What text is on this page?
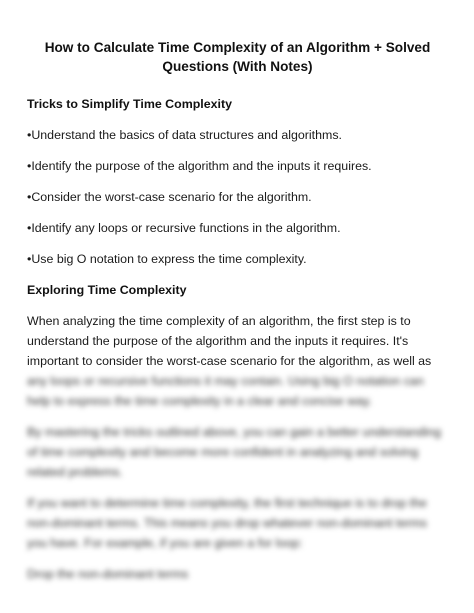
How to Calculate Time Complexity of an Algorithm + Solved Questions (With Notes)
Tricks to Simplify Time Complexity
•Understand the basics of data structures and algorithms.
•Identify the purpose of the algorithm and the inputs it requires.
•Consider the worst-case scenario for the algorithm.
•Identify any loops or recursive functions in the algorithm.
•Use big O notation to express the time complexity.
Exploring Time Complexity

When analyzing the time complexity of an algorithm, the first step is to
understand the purpose of the algorithm and the inputs it requires. It's
important to consider the worst-case scenario for the algorithm, as well as

any loops or recursive functions it may contain. Using big O notation can help to express the time complexity in a clear and concise way.

By mastering the tricks outlined above, you can gain a better understanding of time complexity and become more confident in analyzing and solving related problems.

If you want to determine time complexity, the first technique is to drop the non-dominant terms. This means you drop whatever non-dominant terms you have. For example, if you are given a for loop:

Drop the non-dominant terms
